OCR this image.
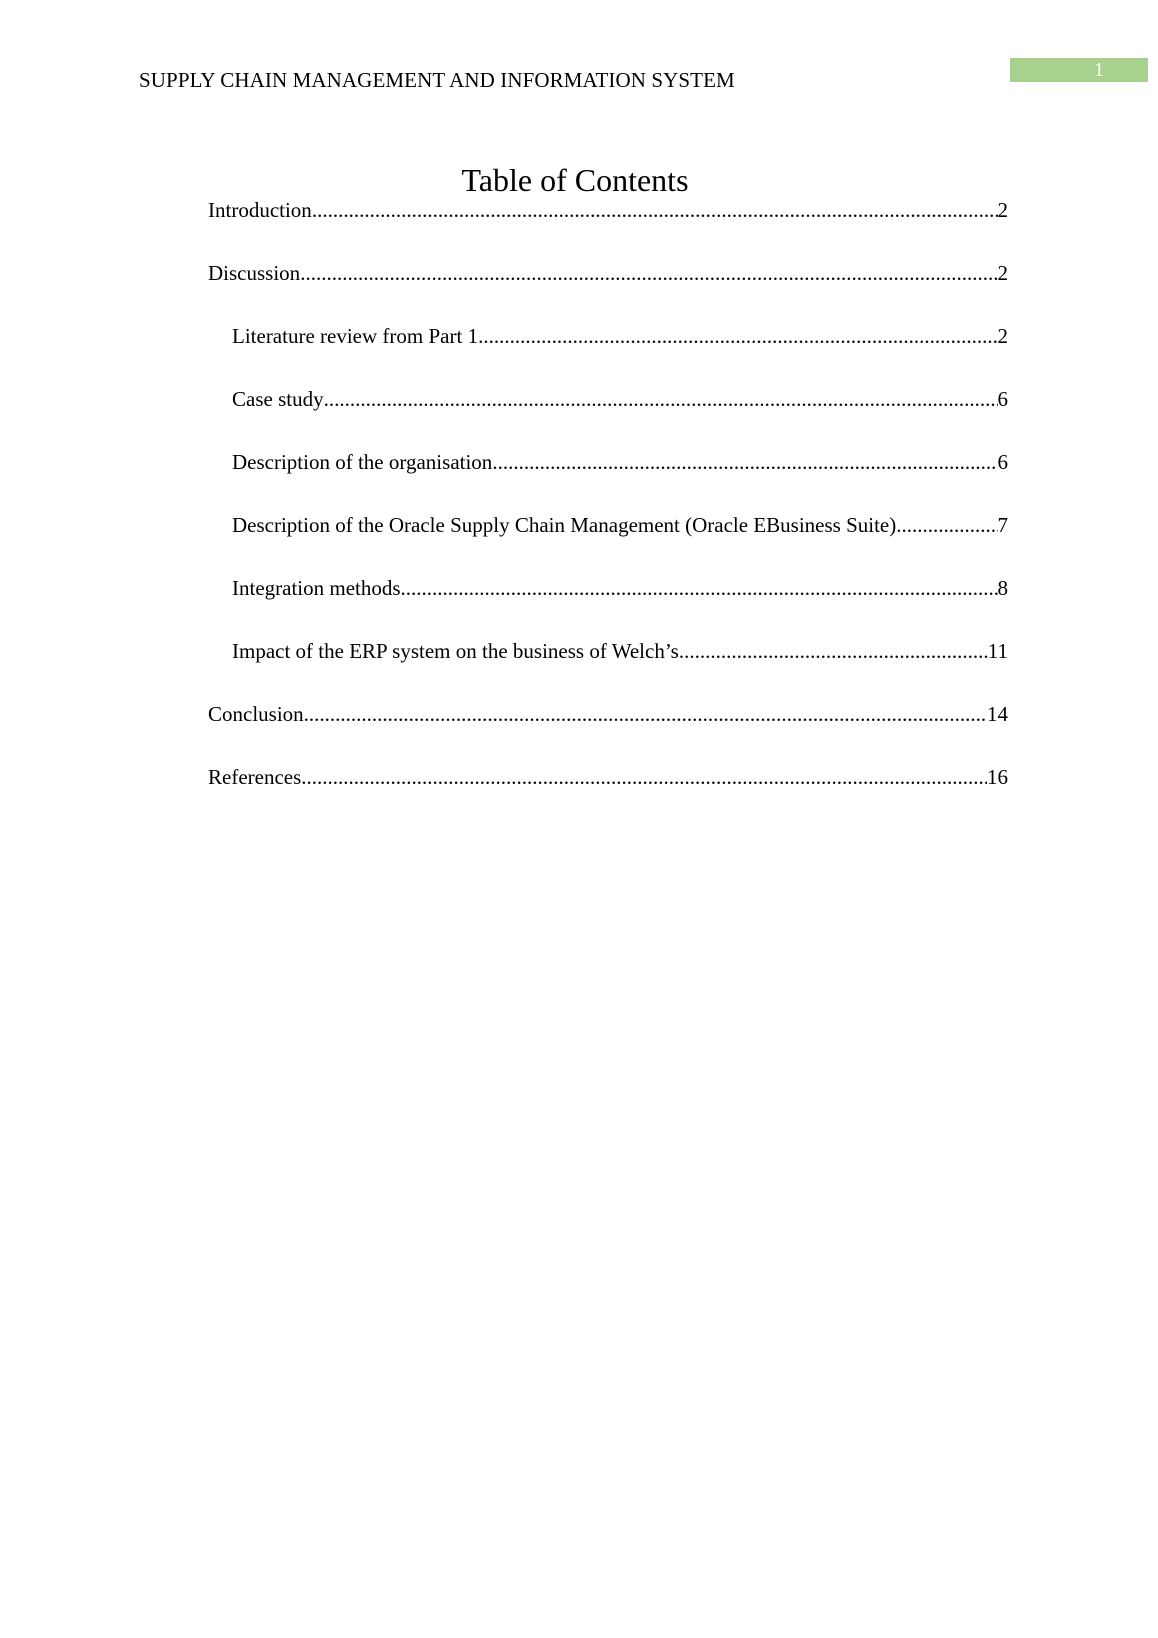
SUPPLY CHAIN MANAGEMENT AND INFORMATION SYSTEM	1
Table of Contents
Introduction .....	2
Discussion .....	2
Literature review from Part 1 .....	2
Case study .....	6
Description of the organisation .....	6
Description of the Oracle Supply Chain Management (Oracle EBusiness Suite) .....	7
Integration methods .....	8
Impact of the ERP system on the business of Welch’s .....	11
Conclusion .....	14
References .....	16
